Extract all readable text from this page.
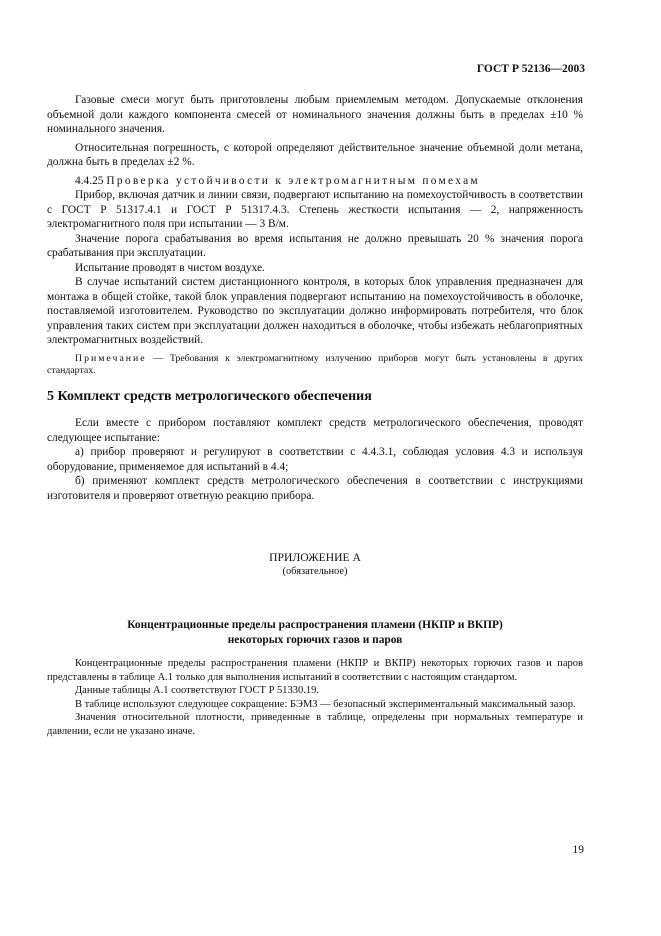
ГОСТ Р 52136—2003

Газовые смеси могут быть приготовлены любым приемлемым методом. Допускаемые отклонения объемной доли каждого компонента смесей от номинального значения должны быть в пределах ±10 % номинального значения.

Относительная погрешность, с которой определяют действительное значение объемной доли метана, должна быть в пределах ±2 %.

4.4.25 Проверка устойчивости к электромагнитным помехам

Прибор, включая датчик и линии связи, подвергают испытанию на помехоустойчивость в соответствии с ГОСТ Р 51317.4.1 и ГОСТ Р 51317.4.3. Степень жесткости испытания — 2, напряженность электромагнитного поля при испытании — 3 В/м.

Значение порога срабатывания во время испытания не должно превышать 20 % значения порога срабатывания при эксплуатации.

Испытание проводят в чистом воздухе.

В случае испытаний систем дистанционного контроля, в которых блок управления предназначен для монтажа в общей стойке, такой блок управления подвергают испытанию на помехоустойчивость в оболочке, поставляемой изготовителем. Руководство по эксплуатации должно информировать потребителя, что блок управления таких систем при эксплуатации должен находиться в оболочке, чтобы избежать неблагоприятных электромагнитных воздействий.

Примечание — Требования к электромагнитному излучению приборов могут быть установлены в других стандартах.

5 Комплект средств метрологического обеспечения

Если вместе с прибором поставляют комплект средств метрологического обеспечения, проводят следующее испытание:

а) прибор проверяют и регулируют в соответствии с 4.4.3.1, соблюдая условия 4.3 и используя оборудование, применяемое для испытаний в 4.4;

б) применяют комплект средств метрологического обеспечения в соответствии с инструкциями изготовителя и проверяют ответную реакцию прибора.

ПРИЛОЖЕНИЕ А
(обязательное)
Концентрационные пределы распространения пламени (НКПР и ВКПР)
некоторых горючих газов и паров

Концентрационные пределы распространения пламени (НКПР и ВКПР) некоторых горючих газов и паров представлены в таблице А.1 только для выполнения испытаний в соответствии с настоящим стандартом.

Данные таблицы А.1 соответствуют ГОСТ Р 51330.19.

В таблице используют следующее сокращение: БЭМЗ — безопасный экспериментальный максимальный зазор.

Значения относительной плотности, приведенные в таблице, определены при нормальных температуре и давлении, если не указано иначе.

19
